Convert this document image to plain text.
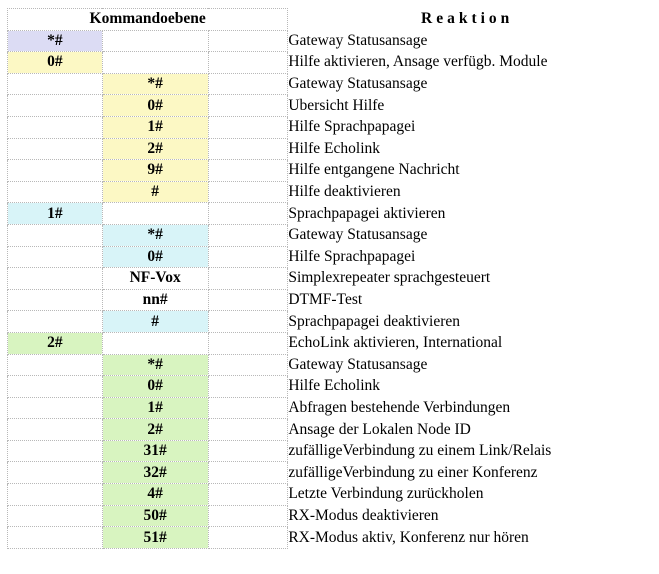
Kommandoebene			Reaktion
*#			Gateway Statusansage
0#			Hilfe aktivieren, Ansage verfügb. Module
	*#		Gateway Statusansage
	0#		Ubersicht Hilfe
	1#		Hilfe Sprachpapagei
	2#		Hilfe Echolink
	9#		Hilfe entgangene Nachricht
	#		Hilfe deaktivieren
1#			Sprachpapagei aktivieren
	*#		Gateway Statusansage
	0#		Hilfe Sprachpapagei
	NF-Vox		Simplexrepeater sprachgesteuert
	nn#		DTMF-Test
	#		Sprachpapagei deaktivieren
2#			EchoLink aktivieren, International
	*#		Gateway Statusansage
	0#		Hilfe Echolink
	1#		Abfragen bestehende Verbindungen
	2#		Ansage der Lokalen Node ID
	31#		zufälligeVerbindung zu einem Link/Relais
	32#		zufälligeVerbindung zu einer Konferenz
	4#		Letzte Verbindung zurückholen
	50#		RX-Modus deaktivieren
	51#		RX-Modus aktiv, Konferenz nur hören
